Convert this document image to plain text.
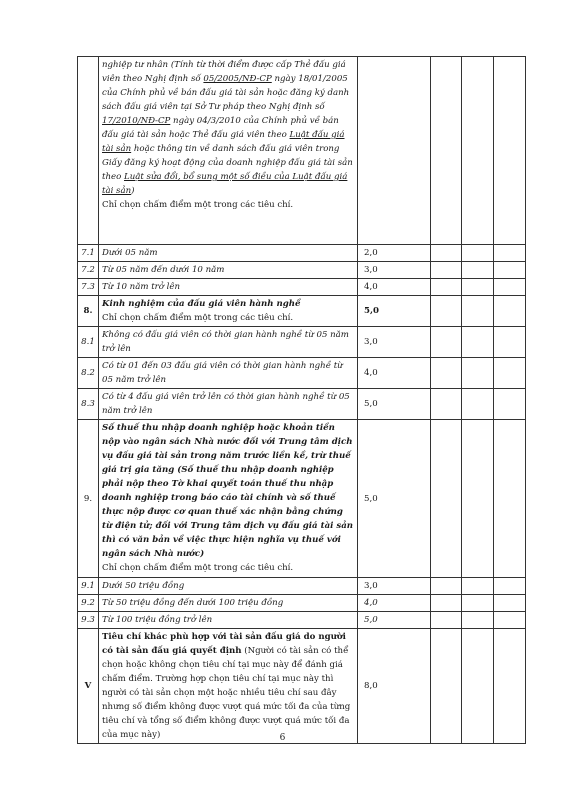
	nghiệp tư nhân (Tính từ thời điểm được cấp Thẻ đấu giá viên theo Nghị định số 05/2005/NĐ-CP ngày 18/01/2005 của Chính phủ về bán đấu giá tài sản hoặc đăng ký danh sách đấu giá viên tại Sở Tư pháp theo Nghị định số 17/2010/NĐ-CP ngày 04/3/2010 của Chính phủ về bán đấu giá tài sản hoặc Thẻ đấu giá viên theo Luật đấu giá tài sản hoặc thông tin về danh sách đấu giá viên trong Giấy đăng ký hoạt động của doanh nghiệp đấu giá tài sản theo Luật sửa đổi, bổ sung một số điều của Luật đấu giá tài sản)
Chỉ chọn chấm điểm một trong các tiêu chí.				
7.1	Dưới 05 năm	2,0			
7.2	Từ 05 năm đến dưới 10 năm	3,0			
7.3	Từ 10 năm trở lên	4,0			
8.	Kinh nghiệm của đấu giá viên hành nghề
Chỉ chọn chấm điểm một trong các tiêu chí.	5,0			
8.1	Không có đấu giá viên có thời gian hành nghề từ 05 năm trở lên	3,0			
8.2	Có từ 01 đến 03 đấu giá viên có thời gian hành nghề từ 05 năm trở lên	4,0			
8.3	Có từ 4 đấu giá viên trở lên có thời gian hành nghề từ 05 năm trở lên	5,0			
9.	Số thuế thu nhập doanh nghiệp hoặc khoản tiền nộp vào ngân sách Nhà nước đối với Trung tâm dịch vụ đấu giá tài sản trong năm trước liền kề, trừ thuế giá trị gia tăng (Số thuế thu nhập doanh nghiệp phải nộp theo Tờ khai quyết toán thuế thu nhập doanh nghiệp trong báo cáo tài chính và số thuế thực nộp được cơ quan thuế xác nhận bằng chứng từ điện tử; đối với Trung tâm dịch vụ đấu giá tài sản thì có văn bản về việc thực hiện nghĩa vụ thuế với ngân sách Nhà nước)
Chỉ chọn chấm điểm một trong các tiêu chí.	5,0			
9.1	Dưới 50 triệu đồng	3,0			
9.2	Từ 50 triệu đồng đến dưới 100 triệu đồng	4,0			
9.3	Từ 100 triệu đồng trở lên	5,0			
V	Tiêu chí khác phù hợp với tài sản đấu giá do người có tài sản đấu giá quyết định (Người có tài sản có thể chọn hoặc không chọn tiêu chí tại mục này để đánh giá chấm điểm. Trường hợp chọn tiêu chí tại mục này thì người có tài sản chọn một hoặc nhiều tiêu chí sau đây nhưng số điểm không được vượt quá mức tối đa của từng tiêu chí và tổng số điểm không được vượt quá mức tối đa của mục này)	8,0			
6
